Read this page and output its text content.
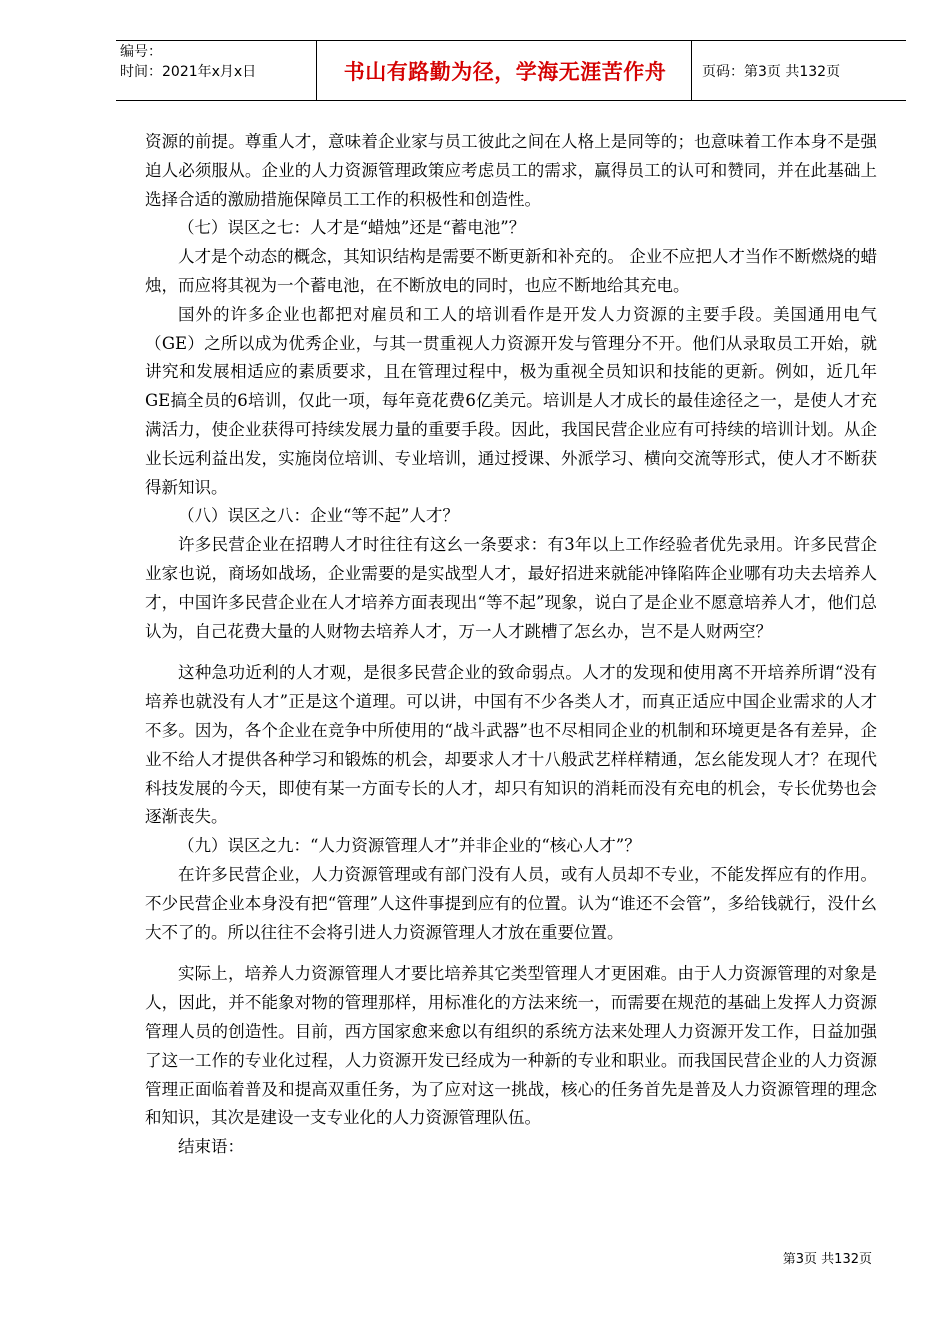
编号：
时间：2021年x月x日	书山有路勤为径，学海无涯苦作舟	页码：第3页 共132页

资源的前提。尊重人才，意味着企业家与员工彼此之间在人格上是同等的；也意味着工作本身不是强迫人必须服从。企业的人力资源管理政策应考虑员工的需求，赢得员工的认可和赞同，并在此基础上选择合适的激励措施保障员工工作的积极性和创造性。

（七）误区之七：人才是“蜡烛”还是“蓄电池”？

人才是个动态的概念，其知识结构是需要不断更新和补充的。 企业不应把人才当作不断燃烧的蜡烛，而应将其视为一个蓄电池，在不断放电的同时，也应不断地给其充电。

国外的许多企业也都把对雇员和工人的培训看作是开发人力资源的主要手段。美国通用电气（GE）之所以成为优秀企业，与其一贯重视人力资源开发与管理分不开。他们从录取员工开始，就讲究和发展相适应的素质要求，且在管理过程中，极为重视全员知识和技能的更新。例如，近几年GE搞全员的6培训，仅此一项，每年竟花费6亿美元。培训是人才成长的最佳途径之一，是使人才充满活力，使企业获得可持续发展力量的重要手段。因此，我国民营企业应有可持续的培训计划。从企业长远利益出发，实施岗位培训、专业培训，通过授课、外派学习、横向交流等形式，使人才不断获得新知识。

（八）误区之八：企业“等不起”人才？

许多民营企业在招聘人才时往往有这幺一条要求：有3年以上工作经验者优先录用。许多民营企业家也说，商场如战场，企业需要的是实战型人才，最好招进来就能冲锋陷阵企业哪有功夫去培养人才，中国许多民营企业在人才培养方面表现出“等不起”现象，说白了是企业不愿意培养人才，他们总认为，自己花费大量的人财物去培养人才，万一人才跳槽了怎幺办，岂不是人财两空？

这种急功近利的人才观，是很多民营企业的致命弱点。人才的发现和使用离不开培养所谓“没有培养也就没有人才”正是这个道理。可以讲，中国有不少各类人才，而真正适应中国企业需求的人才不多。因为，各个企业在竞争中所使用的“战斗武器”也不尽相同企业的机制和环境更是各有差异，企业不给人才提供各种学习和锻炼的机会，却要求人才十八般武艺样样精通，怎幺能发现人才？在现代科技发展的今天，即使有某一方面专长的人才，却只有知识的消耗而没有充电的机会，专长优势也会逐渐丧失。

（九）误区之九：“人力资源管理人才”并非企业的“核心人才”？

在许多民营企业，人力资源管理或有部门没有人员，或有人员却不专业，不能发挥应有的作用。不少民营企业本身没有把“管理”人这件事提到应有的位置。认为“谁还不会管”，多给钱就行，没什幺大不了的。所以往往不会将引进人力资源管理人才放在重要位置。

实际上，培养人力资源管理人才要比培养其它类型管理人才更困难。由于人力资源管理的对象是人，因此，并不能象对物的管理那样，用标准化的方法来统一，而需要在规范的基础上发挥人力资源管理人员的创造性。目前，西方国家愈来愈以有组织的系统方法来处理人力资源开发工作，日益加强了这一工作的专业化过程，人力资源开发已经成为一种新的专业和职业。而我国民营企业的人力资源管理正面临着普及和提高双重任务，为了应对这一挑战，核心的任务首先是普及人力资源管理的理念和知识，其次是建设一支专业化的人力资源管理队伍。

结束语：

第3页 共132页
